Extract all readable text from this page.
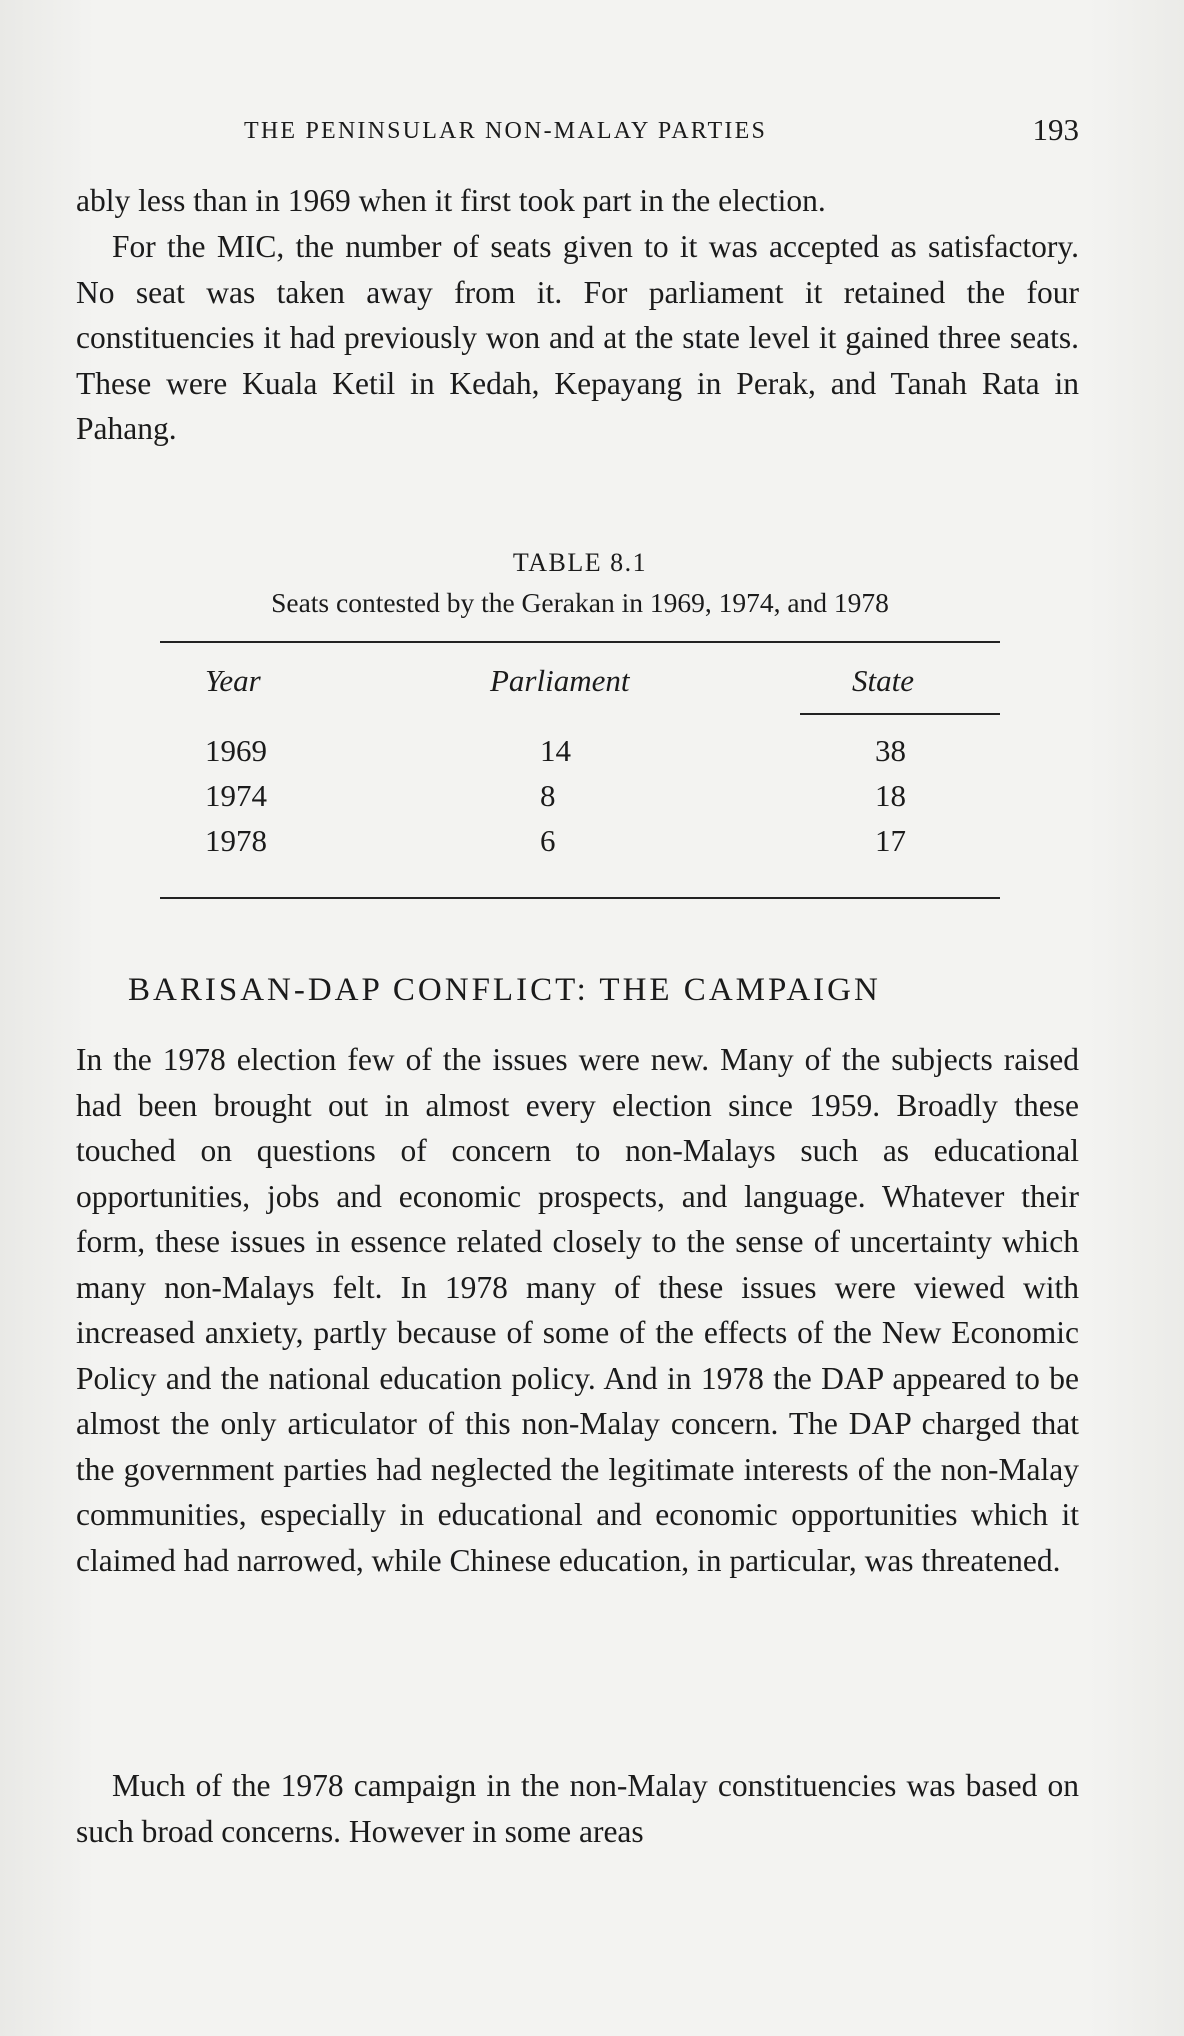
THE PENINSULAR NON-MALAY PARTIES	193

ably less than in 1969 when it first took part in the election.

For the MIC, the number of seats given to it was accepted as satisfactory. No seat was taken away from it. For parliament it retained the four constituencies it had previously won and at the state level it gained three seats. These were Kuala Ketil in Kedah, Kepayang in Perak, and Tanah Rata in Pahang.

TABLE 8.1
Seats contested by the Gerakan in 1969, 1974, and 1978
Year	Parliament	State
1969	14	38
1974	8	18
1978	6	17
BARISAN-DAP CONFLICT: THE CAMPAIGN

In the 1978 election few of the issues were new. Many of the subjects raised had been brought out in almost every election since 1959. Broadly these touched on questions of concern to non-Malays such as educational opportunities, jobs and economic prospects, and language. Whatever their form, these issues in essence related closely to the sense of uncertainty which many non-Malays felt. In 1978 many of these issues were viewed with increased anxiety, partly because of some of the effects of the New Economic Policy and the national education policy. And in 1978 the DAP appeared to be almost the only articulator of this non-Malay concern. The DAP charged that the government parties had neglected the legitimate interests of the non-Malay communities, especially in educational and economic opportunities which it claimed had narrowed, while Chinese education, in particular, was threatened.

Much of the 1978 campaign in the non-Malay constituencies was based on such broad concerns. However in some areas
